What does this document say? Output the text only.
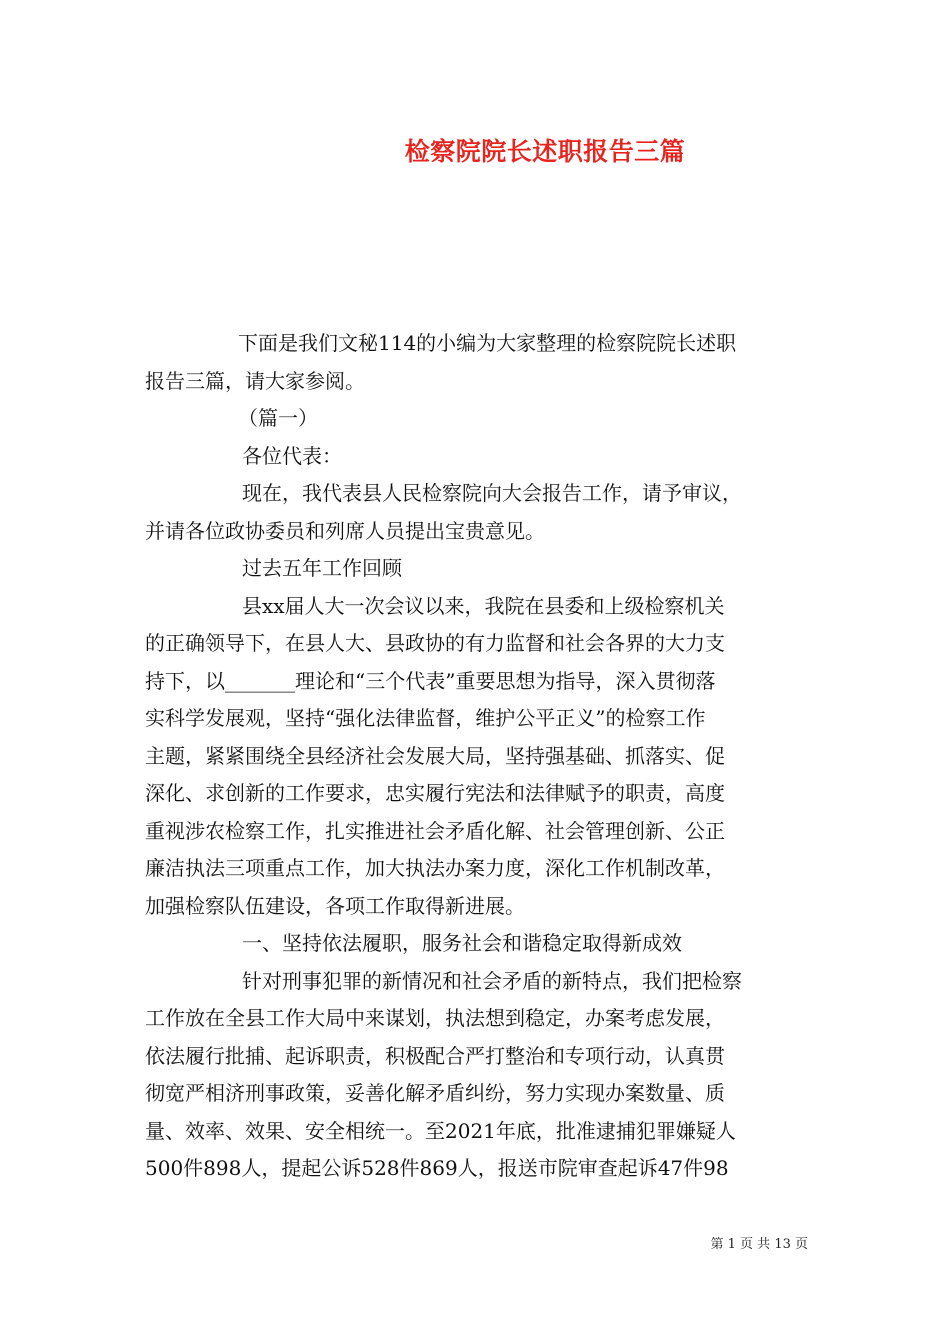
检察院院长述职报告三篇
下面是我们文秘114的小编为大家整理的检察院院长述职
报告三篇，请大家参阅。
（篇一）
各位代表：
现在，我代表县人民检察院向大会报告工作，请予审议，
并请各位政协委员和列席人员提出宝贵意见。
过去五年工作回顾
县xx届人大一次会议以来，我院在县委和上级检察机关
的正确领导下，在县人大、县政协的有力监督和社会各界的大力支
持下，以_______理论和“三个代表”重要思想为指导，深入贯彻落
实科学发展观，坚持“强化法律监督，维护公平正义”的检察工作
主题，紧紧围绕全县经济社会发展大局，坚持强基础、抓落实、促
深化、求创新的工作要求，忠实履行宪法和法律赋予的职责，高度
重视涉农检察工作，扎实推进社会矛盾化解、社会管理创新、公正
廉洁执法三项重点工作，加大执法办案力度，深化工作机制改革，
加强检察队伍建设，各项工作取得新进展。
一、坚持依法履职，服务社会和谐稳定取得新成效
针对刑事犯罪的新情况和社会矛盾的新特点，我们把检察
工作放在全县工作大局中来谋划，执法想到稳定，办案考虑发展，
依法履行批捕、起诉职责，积极配合严打整治和专项行动，认真贯
彻宽严相济刑事政策，妥善化解矛盾纠纷，努力实现办案数量、质
量、效率、效果、安全相统一。至2021年底，批准逮捕犯罪嫌疑人
500件898人，提起公诉528件869人，报送市院审查起诉47件98
第 1 页 共 13 页
